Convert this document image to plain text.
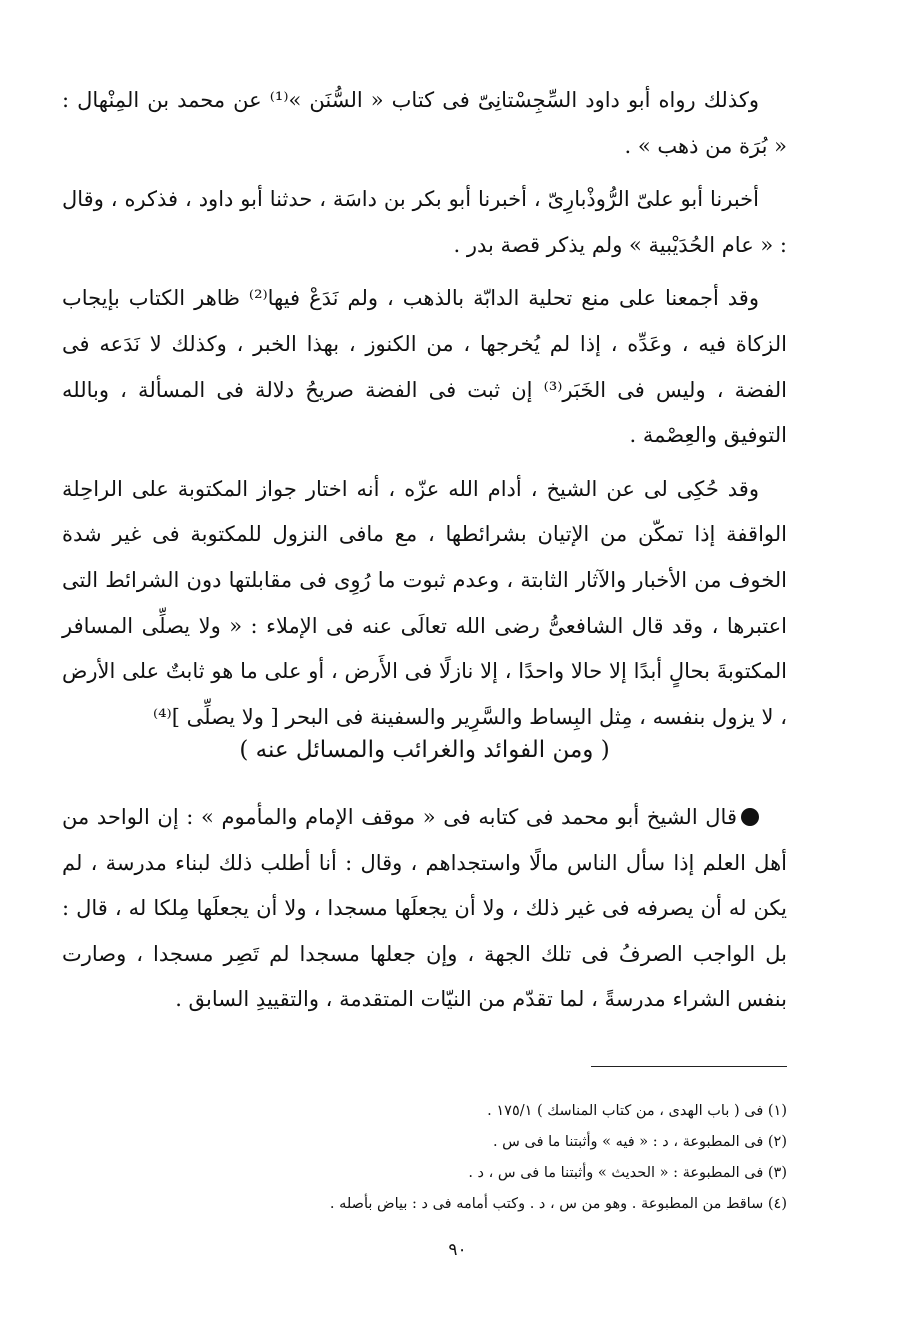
وكذلك رواه أبو داود السِّجِسْتانِىّ فى كتاب « السُّنَن »⁽¹⁾ عن محمد بن المِنْهال : « بُرَة من ذهب » .

أخبرنا أبو علىّ الرُّوذْبارِىّ ، أخبرنا أبو بكر بن داسَة ، حدثنا أبو داود ، فذكره ، وقال : « عام الحُدَيْبية » ولم يذكر قصة بدر .

وقد أجمعنا على منع تحلية الدابّة بالذهب ، ولم نَدَعْ فيها⁽²⁾ ظاهر الكتاب بإيجاب الزكاة فيه ، وعَدِّه ، إذا لم يُخرجها ، من الكنوز ، بهذا الخبر ، وكذلك لا نَدَعه فى الفضة ، وليس فى الخَبَر⁽³⁾ إن ثبت فى الفضة صريحُ دلالة فى المسألة ، وبالله التوفيق والعِصْمة .

وقد حُكِى لى عن الشيخ ، أدام الله عزّه ، أنه اختار جواز المكتوبة على الراحِلة الواقفة إذا تمكّن من الإتيان بشرائطها ، مع مافى النزول للمكتوبة فى غير شدة الخوف من الأخبار والآثار الثابتة ، وعدم ثبوت ما رُوِى فى مقابلتها دون الشرائط التى اعتبرها ، وقد قال الشافعىُّ رضى الله تعالَى عنه فى الإملاء : « ولا يصلِّى المسافر المكتوبةَ بحالٍ أبدًا إلا حالا واحدًا ، إلا نازلًا فى الأَرض ، أو على ما هو ثابتٌ على الأرض ، لا يزول بنفسه ، مِثل البِساط والسَّرِير والسفينة فى البحر [ ولا يصلِّى ]⁽⁴⁾

( ومن الفوائد والغرائب والمسائل عنه )

قال الشيخ أبو محمد فى كتابه فى « موقف الإمام والمأموم » : إن الواحد من أهل العلم إذا سأل الناس مالًا واستجداهم ، وقال : أنا أطلب ذلك لبناء مدرسة ، لم يكن له أن يصرفه فى غير ذلك ، ولا أن يجعلَها مسجدا ، ولا أن يجعلَها مِلكا له ، قال : بل الواجب الصرفُ فى تلك الجهة ، وإن جعلها مسجدا لم تَصِر مسجدا ، وصارت بنفس الشراء مدرسةً ، لما تقدّم من النيّات المتقدمة ، والتقييدِ السابق .

(١) فى ( باب الهدى ، من كتاب المناسك ) ١٧٥/١ .

(٢) فى المطبوعة ، د : « فيه » وأثبتنا ما فى س .

(٣) فى المطبوعة : « الحديث » وأثبتنا ما فى س ، د .

(٤) ساقط من المطبوعة . وهو من س ، د . وكتب أمامه فى د : بياض بأصله .

٩٠
